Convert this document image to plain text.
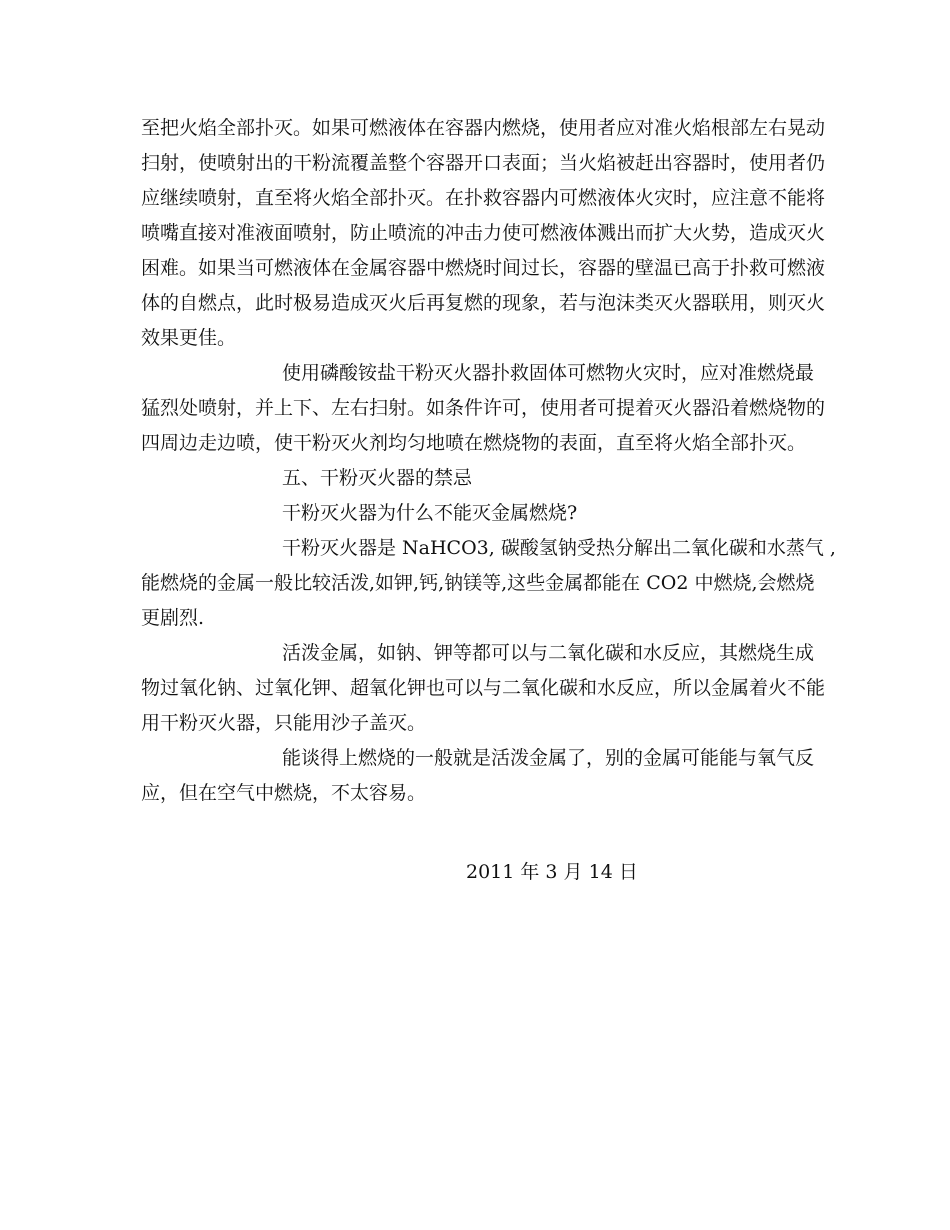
至把火焰全部扑灭。如果可燃液体在容器内燃烧，使用者应对准火焰根部左右晃动
扫射，使喷射出的干粉流覆盖整个容器开口表面；当火焰被赶出容器时，使用者仍
应继续喷射，直至将火焰全部扑灭。在扑救容器内可燃液体火灾时，应注意不能将
喷嘴直接对准液面喷射，防止喷流的冲击力使可燃液体溅出而扩大火势，造成灭火
困难。如果当可燃液体在金属容器中燃烧时间过长，容器的壁温已高于扑救可燃液
体的自燃点，此时极易造成灭火后再复燃的现象，若与泡沫类灭火器联用，则灭火
效果更佳。
使用磷酸铵盐干粉灭火器扑救固体可燃物火灾时，应对准燃烧最
猛烈处喷射，并上下、左右扫射。如条件许可，使用者可提着灭火器沿着燃烧物的
四周边走边喷，使干粉灭火剂均匀地喷在燃烧物的表面，直至将火焰全部扑灭。
五、干粉灭火器的禁忌
干粉灭火器为什么不能灭金属燃烧?
干粉灭火器是 NaHCO3, 碳酸氢钠受热分解出二氧化碳和水蒸气 ,
能燃烧的金属一般比较活泼,如钾,钙,钠镁等,这些金属都能在 CO2 中燃烧,会燃烧
更剧烈.
活泼金属，如钠、钾等都可以与二氧化碳和水反应，其燃烧生成
物过氧化钠、过氧化钾、超氧化钾也可以与二氧化碳和水反应，所以金属着火不能
用干粉灭火器，只能用沙子盖灭。
能谈得上燃烧的一般就是活泼金属了，别的金属可能能与氧气反
应，但在空气中燃烧，不太容易。
2011 年 3 月 14 日
